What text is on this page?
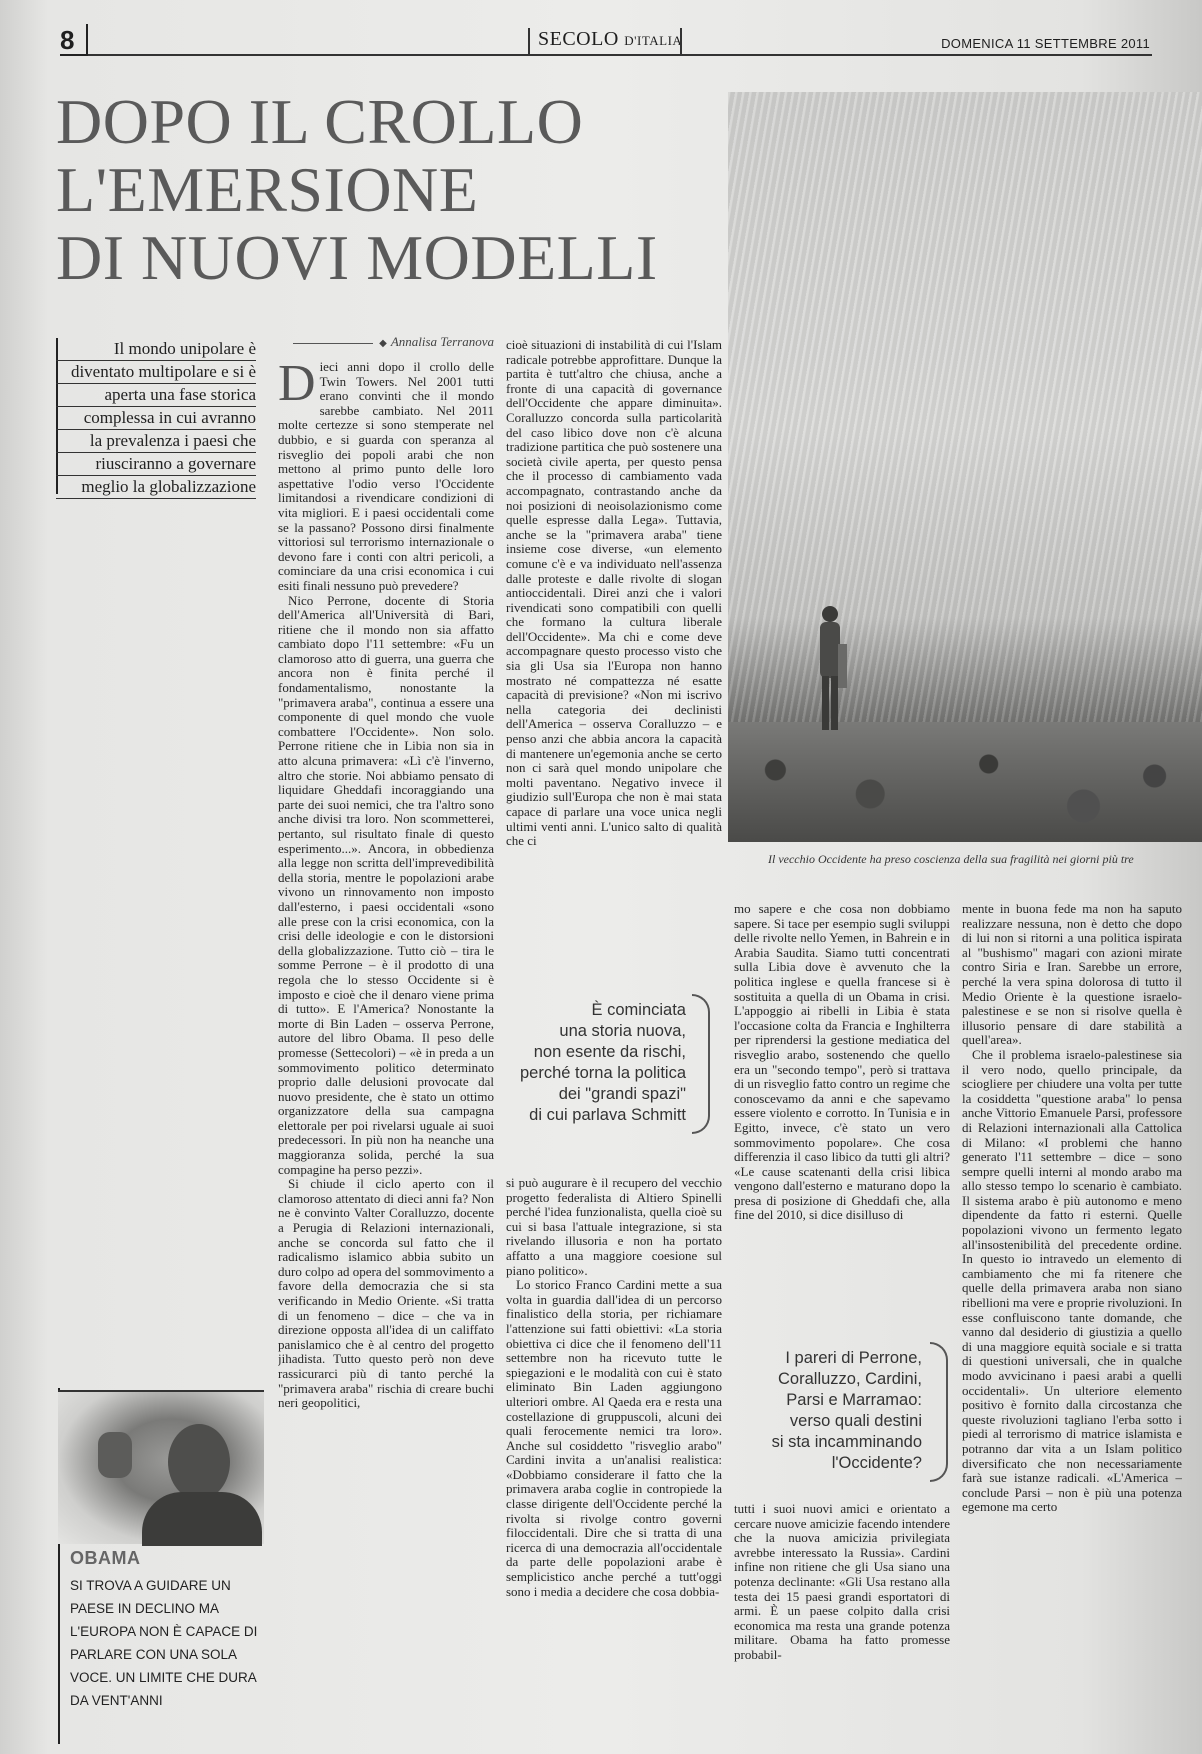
8	SECOLO D'ITALIA	DOMENICA 11 SETTEMBRE 2011
DOPO IL CROLLO
L'EMERSIONE
DI NUOVI MODELLI
Il vecchio Occidente ha preso coscienza della sua fragilità nei giorni più tre
Il mondo unipolare è
diventato multipolare e si è
aperta una fase storica
complessa in cui avranno
la prevalenza i paesi che
riusciranno a governare
meglio la globalizzazione
◆ Annalisa Terranova

Dieci anni dopo il crollo delle Twin Towers. Nel 2001 tutti erano convinti che il mondo sarebbe cambiato. Nel 2011 molte certezze si sono stemperate nel dubbio, e si guarda con speranza al risveglio dei popoli arabi che non mettono al primo punto delle loro aspettative l'odio verso l'Occidente limitandosi a rivendicare condizioni di vita migliori. E i paesi occidentali come se la passano? Possono dirsi finalmente vittoriosi sul terrorismo internazionale o devono fare i conti con altri pericoli, a cominciare da una crisi economica i cui esiti finali nessuno può prevedere?

Nico Perrone, docente di Storia dell'America all'Università di Bari, ritiene che il mondo non sia affatto cambiato dopo l'11 settembre: «Fu un clamoroso atto di guerra, una guerra che ancora non è finita perché il fondamentalismo, nonostante la "primavera araba", continua a essere una componente di quel mondo che vuole combattere l'Occidente». Non solo. Perrone ritiene che in Libia non sia in atto alcuna primavera: «Lì c'è l'inverno, altro che storie. Noi abbiamo pensato di liquidare Gheddafi incoraggiando una parte dei suoi nemici, che tra l'altro sono anche divisi tra loro. Non scommetterei, pertanto, sul risultato finale di questo esperimento...». Ancora, in obbedienza alla legge non scritta dell'imprevedibilità della storia, mentre le popolazioni arabe vivono un rinnovamento non imposto dall'esterno, i paesi occidentali «sono alle prese con la crisi economica, con la crisi delle ideologie e con le distorsioni della globalizzazione. Tutto ciò – tira le somme Perrone – è il prodotto di una regola che lo stesso Occidente si è imposto e cioè che il denaro viene prima di tutto». E l'America? Nonostante la morte di Bin Laden – osserva Perrone, autore del libro Obama. Il peso delle promesse (Settecolori) – «è in preda a un sommovimento politico determinato proprio dalle delusioni provocate dal nuovo presidente, che è stato un ottimo organizzatore della sua campagna elettorale per poi rivelarsi uguale ai suoi predecessori. In più non ha neanche una maggioranza solida, perché la sua compagine ha perso pezzi».

Si chiude il ciclo aperto con il clamoroso attentato di dieci anni fa? Non ne è convinto Valter Coralluzzo, docente a Perugia di Relazioni internazionali, anche se concorda sul fatto che il radicalismo islamico abbia subito un duro colpo ad opera del sommovimento a favore della democrazia che si sta verificando in Medio Oriente. «Si tratta di un fenomeno – dice – che va in direzione opposta all'idea di un califfato panislamico che è al centro del progetto jihadista. Tutto questo però non deve rassicurarci più di tanto perché la "primavera araba" rischia di creare buchi neri geopolitici,

cioè situazioni di instabilità di cui l'Islam radicale potrebbe approfittare. Dunque la partita è tutt'altro che chiusa, anche a fronte di una capacità di governance dell'Occidente che appare diminuita». Coralluzzo concorda sulla particolarità del caso libico dove non c'è alcuna tradizione partitica che può sostenere una società civile aperta, per questo pensa che il processo di cambiamento vada accompagnato, contrastando anche da noi posizioni di neoisolazionismo come quelle espresse dalla Lega». Tuttavia, anche se la "primavera araba" tiene insieme cose diverse, «un elemento comune c'è e va individuato nell'assenza dalle proteste e dalle rivolte di slogan antioccidentali. Direi anzi che i valori rivendicati sono compatibili con quelli che formano la cultura liberale dell'Occidente». Ma chi e come deve accompagnare questo processo visto che sia gli Usa sia l'Europa non hanno mostrato né compattezza né esatte capacità di previsione? «Non mi iscrivo nella categoria dei declinisti dell'America – osserva Coralluzzo – e penso anzi che abbia ancora la capacità di mantenere un'egemonia anche se certo non ci sarà quel mondo unipolare che molti paventano. Negativo invece il giudizio sull'Europa che non è mai stata capace di parlare una voce unica negli ultimi venti anni. L'unico salto di qualità che ci

È cominciata
una storia nuova,
non esente da rischi,
perché torna la politica
dei "grandi spazi"
di cui parlava Schmitt

si può augurare è il recupero del vecchio progetto federalista di Altiero Spinelli perché l'idea funzionalista, quella cioè su cui si basa l'attuale integrazione, si sta rivelando illusoria e non ha portato affatto a una maggiore coesione sul piano politico».

Lo storico Franco Cardini mette a sua volta in guardia dall'idea di un percorso finalistico della storia, per richiamare l'attenzione sui fatti obiettivi: «La storia obiettiva ci dice che il fenomeno dell'11 settembre non ha ricevuto tutte le spiegazioni e le modalità con cui è stato eliminato Bin Laden aggiungono ulteriori ombre. Al Qaeda era e resta una costellazione di gruppuscoli, alcuni dei quali ferocemente nemici tra loro». Anche sul cosiddetto "risveglio arabo" Cardini invita a un'analisi realistica: «Dobbiamo considerare il fatto che la primavera araba coglie in contropiede la classe dirigente dell'Occidente perché la rivolta si rivolge contro governi filoccidentali. Dire che si tratta di una ricerca di una democrazia all'occidentale da parte delle popolazioni arabe è semplicistico anche perché a tutt'oggi sono i media a decidere che cosa dobbia-

mo sapere e che cosa non dobbiamo sapere. Si tace per esempio sugli sviluppi delle rivolte nello Yemen, in Bahrein e in Arabia Saudita. Siamo tutti concentrati sulla Libia dove è avvenuto che la politica inglese e quella francese si è sostituita a quella di un Obama in crisi. L'appoggio ai ribelli in Libia è stata l'occasione colta da Francia e Inghilterra per riprendersi la gestione mediatica del risveglio arabo, sostenendo che quello era un "secondo tempo", però si trattava di un risveglio fatto contro un regime che conoscevamo da anni e che sapevamo essere violento e corrotto. In Tunisia e in Egitto, invece, c'è stato un vero sommovimento popolare». Che cosa differenzia il caso libico da tutti gli altri? «Le cause scatenanti della crisi libica vengono dall'esterno e maturano dopo la presa di posizione di Gheddafi che, alla fine del 2010, si dice disilluso di

I pareri di Perrone,
Coralluzzo, Cardini,
Parsi e Marramao:
verso quali destini
si sta incamminando
l'Occidente?

tutti i suoi nuovi amici e orientato a cercare nuove amicizie facendo intendere che la nuova amicizia privilegiata avrebbe interessato la Russia». Cardini infine non ritiene che gli Usa siano una potenza declinante: «Gli Usa restano alla testa dei 15 paesi grandi esportatori di armi. È un paese colpito dalla crisi economica ma resta una grande potenza militare. Obama ha fatto promesse probabil-

mente in buona fede ma non ha saputo realizzare nessuna, non è detto che dopo di lui non si ritorni a una politica ispirata al "bushismo" magari con azioni mirate contro Siria e Iran. Sarebbe un errore, perché la vera spina dolorosa di tutto il Medio Oriente è la questione israelo-palestinese e se non si risolve quella è illusorio pensare di dare stabilità a quell'area».

Che il problema israelo-palestinese sia il vero nodo, quello principale, da sciogliere per chiudere una volta per tutte la cosiddetta "questione araba" lo pensa anche Vittorio Emanuele Parsi, professore di Relazioni internazionali alla Cattolica di Milano: «I problemi che hanno generato l'11 settembre – dice – sono sempre quelli interni al mondo arabo ma allo stesso tempo lo scenario è cambiato. Il sistema arabo è più autonomo e meno dipendente da fatto ri esterni. Quelle popolazioni vivono un fermento legato all'insostenibilità del precedente ordine. In questo io intravedo un elemento di cambiamento che mi fa ritenere che quelle della primavera araba non siano ribellioni ma vere e proprie rivoluzioni. In esse confluiscono tante domande, che vanno dal desiderio di giustizia a quello di una maggiore equità sociale e si tratta di questioni universali, che in qualche modo avvicinano i paesi arabi a quelli occidentali». Un ulteriore elemento positivo è fornito dalla circostanza che queste rivoluzioni tagliano l'erba sotto i piedi al terrorismo di matrice islamista e potranno dar vita a un Islam politico diversificato che non necessariamente farà sue istanze radicali. «L'America – conclude Parsi – non è più una potenza egemone ma certo

OBAMA
SI TROVA A GUIDARE UN PAESE IN DECLINO MA L'EUROPA NON È CAPACE DI PARLARE CON UNA SOLA VOCE. UN LIMITE CHE DURA DA VENT'ANNI
